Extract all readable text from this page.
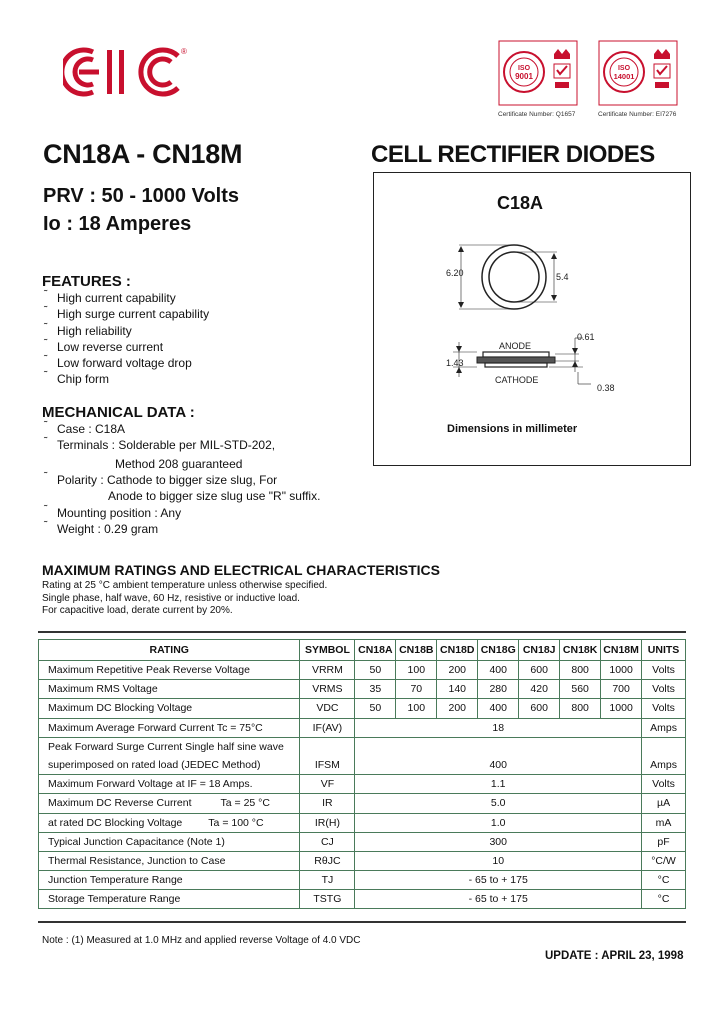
®
ISO
9001
Certificate Number: Q1657
ISO
14001
Certificate Number: EI7276
CN18A - CN18M	CELL RECTIFIER DIODES
PRV : 50 - 1000 Volts
Io : 18 Amperes
C18A
6.20	5.4
0.61
1.43
0.38
ANODE
CATHODE
Dimensions in millimeter
FEATURES :
˜ High current capability
˜ High surge current capability
˜ High reliability
˜ Low reverse current
˜ Low forward voltage drop
˜ Chip form
MECHANICAL DATA :
˜ Case : C18A
˜ Terminals : Solderable per MIL-STD-202,
Method 208 guaranteed
˜ Polarity : Cathode to bigger size slug, For
Anode to bigger size slug use "R" suffix.
˜ Mounting position : Any
˜ Weight : 0.29 gram
MAXIMUM RATINGS AND ELECTRICAL CHARACTERISTICS
Rating at 25 °C ambient temperature unless otherwise specified.
Single phase, half wave, 60 Hz, resistive or inductive load.
For capacitive load, derate current by 20%.
RATING	SYMBOL	CN18A	CN18B	CN18D	CN18G	CN18J	CN18K	CN18M	UNITS
Maximum Repetitive Peak Reverse Voltage	VRRM	50	100	200	400	600	800	1000	Volts
Maximum RMS Voltage	VRMS	35	70	140	280	420	560	700	Volts
Maximum DC Blocking Voltage	VDC	50	100	200	400	600	800	1000	Volts
Maximum Average Forward Current Tc = 75°C	IF(AV)	18							Amps
Peak Forward Surge Current Single half sine wave									
superimposed on rated load (JEDEC Method)	IFSM	400							Amps
Maximum Forward Voltage at IF = 18 Amps.	VF	1.1							Volts
Maximum DC Reverse Current          Ta = 25 °C	IR	5.0							µA
at rated DC Blocking Voltage         Ta = 100 °C	IR(H)	1.0							mA
Typical Junction Capacitance (Note 1)	CJ	300							pF
Thermal Resistance, Junction to Case	RθJC	10							°C/W
Junction Temperature Range	TJ	- 65 to + 175							°C
Storage Temperature Range	TSTG	- 65 to + 175							°C
Note : (1) Measured at 1.0 MHz and applied reverse Voltage of 4.0 VDC
UPDATE : APRIL 23, 1998
